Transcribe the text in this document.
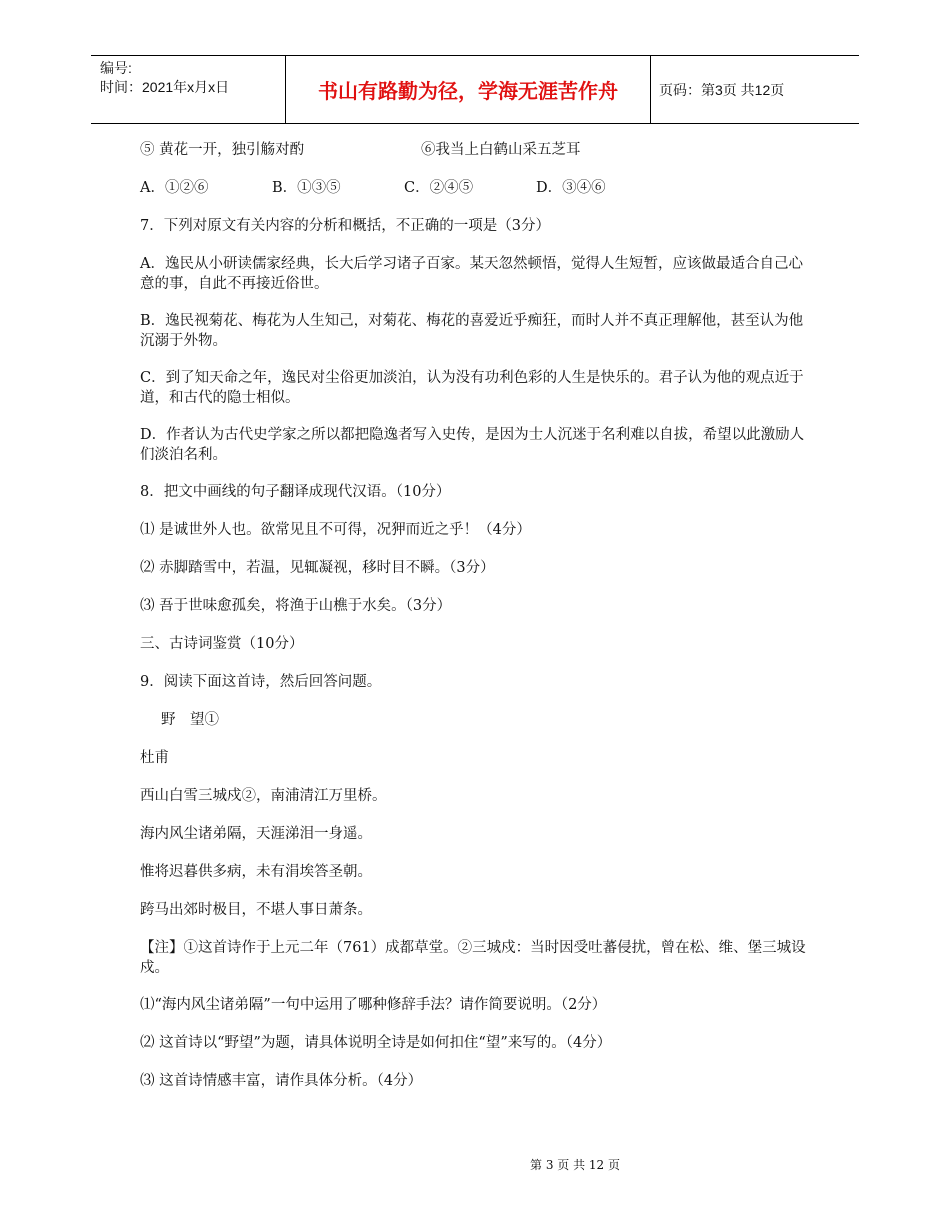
编号:
时间：2021年x月x日	书山有路勤为径，学海无涯苦作舟	页码：第3页 共12页
⑤ 黄花一开，独引觞对酌	⑥我当上白鹤山采五芝耳
A．①②⑥	B．①③⑤	C．②④⑤	D．③④⑥
7．下列对原文有关内容的分析和概括，不正确的一项是（3分）
A．逸民从小研读儒家经典，长大后学习诸子百家。某天忽然顿悟，觉得人生短暂，应该做最适合自己心意的事，自此不再接近俗世。
B．逸民视菊花、梅花为人生知己，对菊花、梅花的喜爱近乎痴狂，而时人并不真正理解他，甚至认为他沉溺于外物。
C．到了知天命之年，逸民对尘俗更加淡泊，认为没有功利色彩的人生是快乐的。君子认为他的观点近于道，和古代的隐士相似。
D．作者认为古代史学家之所以都把隐逸者写入史传，是因为士人沉迷于名利难以自拔，希望以此激励人们淡泊名利。
8．把文中画线的句子翻译成现代汉语。（10分）
⑴ 是诚世外人也。欲常见且不可得，况狎而近之乎！（4分）
⑵ 赤脚踏雪中，若温，见辄凝视，移时目不瞬。（3分）
⑶ 吾于世味愈孤矣，将渔于山樵于水矣。（3分）
三、古诗词鉴赏（10分）
9．阅读下面这首诗，然后回答问题。
野　望①
杜甫
西山白雪三城戍②，南浦清江万里桥。
海内风尘诸弟隔，天涯涕泪一身遥。
惟将迟暮供多病，未有涓埃答圣朝。
跨马出郊时极目，不堪人事日萧条。
【注】①这首诗作于上元二年（761）成都草堂。②三城戍：当时因受吐蕃侵扰，曾在松、维、堡三城设戍。
⑴“海内风尘诸弟隔”一句中运用了哪种修辞手法？请作简要说明。（2分）
⑵ 这首诗以“野望”为题，请具体说明全诗是如何扣住“望”来写的。（4分）
⑶ 这首诗情感丰富，请作具体分析。（4分）
第 3 页 共 12 页
